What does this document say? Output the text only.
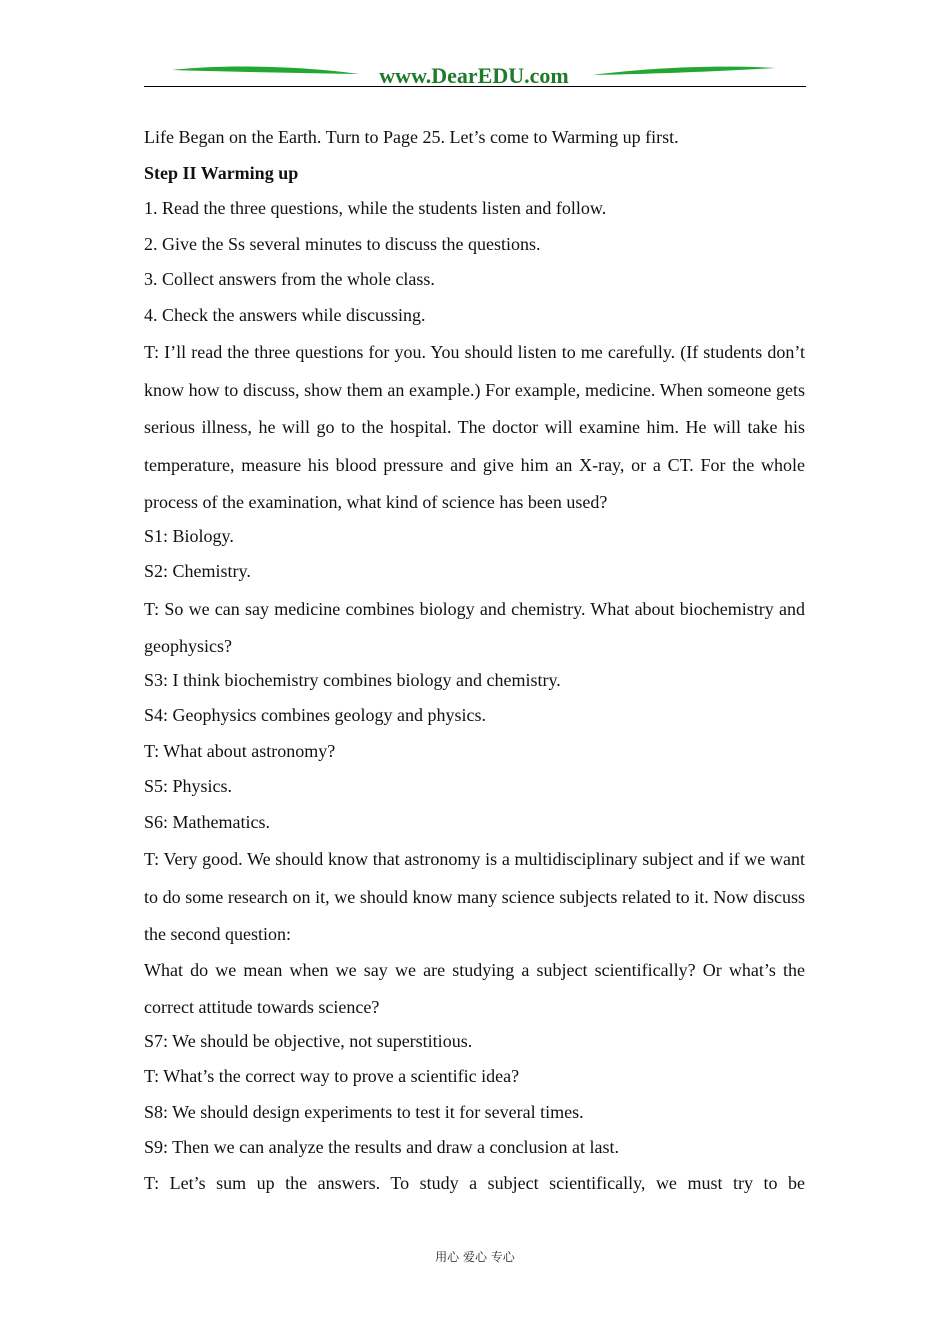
www.DearEDU.com
Life Began on the Earth. Turn to Page 25. Let’s come to Warming up first.
Step II Warming up
1. Read the three questions, while the students listen and follow.
2. Give the Ss several minutes to discuss the questions.
3. Collect answers from the whole class.
4. Check the answers while discussing.
T: I’ll read the three questions for you. You should listen to me carefully. (If students don’t know how to discuss, show them an example.) For example, medicine. When someone gets serious illness, he will go to the hospital. The doctor will examine him. He will take his temperature, measure his blood pressure and give him an X-ray, or a CT. For the whole process of the examination, what kind of science has been used?
S1: Biology.
S2: Chemistry.
T: So we can say medicine combines biology and chemistry. What about biochemistry and geophysics?
S3: I think biochemistry combines biology and chemistry.
S4: Geophysics combines geology and physics.
T: What about astronomy?
S5: Physics.
S6: Mathematics.
T: Very good. We should know that astronomy is a multidisciplinary subject and if we want to do some research on it, we should know many science subjects related to it. Now discuss the second question:
What do we mean when we say we are studying a subject scientifically? Or what’s the correct attitude towards science?
S7: We should be objective, not superstitious.
T: What’s the correct way to prove a scientific idea?
S8: We should design experiments to test it for several times.
S9: Then we can analyze the results and draw a conclusion at last.
T: Let’s sum up the answers. To study a subject scientifically, we must try to be
用心 爱心 专心
